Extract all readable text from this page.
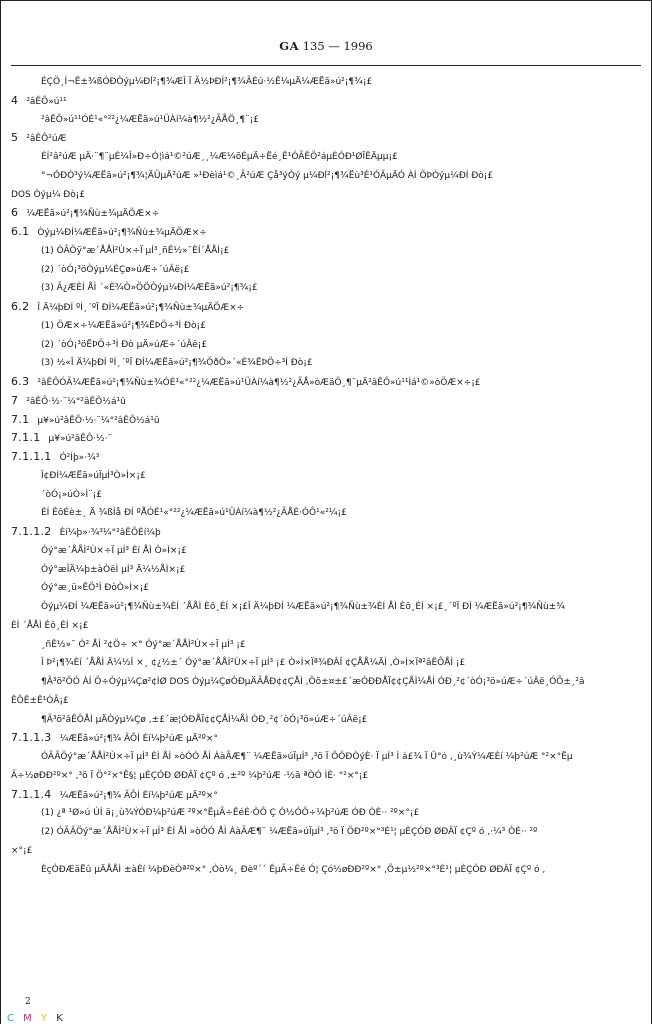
GA 135 — 1996
ÉÇÖ¸Í¬Ê±¾ßÓÐÒýµ¼Ðĺ²¡¶¾ÆÎ Ï Ã½ÞÐÍ²¡¶¾ÃÉú·½Ê¼µÄ¼ÆËã»ú²¡¶¾¡£
4 ²âÊÔ»ú¹¹
²âÊÔ»ú¹¹ÓÉ¹«°²²¿¼ÆËã»ú¹ÜÀí¼à¶½²¿ÃÅÖ¸¶¨¡£
5 ²âÊÔ²úÆ
ÉÍ²â²úÆ µÄ·¨¶¨µÈ¼Î»Ð÷Ó¦ìá¹©²úÆ¸¸¼Æ¼õÉµÄ÷Ëé¸Ê¹ÓÃÊÖ²áµÈÓÐ¹ØÏÊÄµµ¡£
°¬ÓÐÒ³ý¼ÆËã»ú²¡¶¾¦ÄÜµÄ²úÆ »¹Ðèìá¹©¸Ã²úÆ Çå³ýÒý µ¼Ðĺ²¡¶¾Ëù³É¹ÓÃµÄÓ ÀÍ ÖÞÒýµ¼ÐÍ Ðò¡£
DOS Òýµ¼ Ðò¡£
6 ¼ÆËã»ú²¡¶¾Ñù±¾µÄÖÆ×÷
6.1 Òýµ¼ÐÍ¼ÆËã»ú²¡¶¾Ñù±¾µÄÖÆ×÷
(1) ÓÃÖÿ°æ´ÅÅÌ²Ù×÷Ï µÍ³¸ñÊ½»¯ÈÍ´ÅÅÌ¡£
(2) ´òÓ¡³öÒýµ¼ÈÇø»úÆ÷´úÂë¡£
(3) Ã¿ÆÈÍ ÅÌ ´«È¾Ò»ÖÖÒýµ¼ÐÍ¼ÆËã»ú²¡¶¾¡£
6.2 Î Ä¼þÐÍ ºÍ¸´ºÏ ÐÍ¼ÆËã»ú²¡¶¾Ñù±¾µÄÖÆ×÷
(1) ÖÆ×÷¼ÆËã»ú²¡¶¾ËÞÖ÷³Ì Ðò¡£
(2) ´òÓ¡³öËÞÖ÷³Ì Ðò µÄ»úÆ÷´úÂë¡£
(3) ½«Î Ä¼þÐÍ ºÍ¸´ºÏ ÐÍ¼ÆËã»ú²¡¶¾ÖðÒ»´«È¾ËÞÖ÷³Ì Ðò¡£
6.3 ²âÊÔÓÃ¼ÆËã»ú²¡¶¾Ñù±¾ÓÉ¹«°²²¿¼ÆËã»ú¹ÜÀí¼à¶½²¿ÃÅ»òÆäÖ¸¶¨µÄ²âÊÔ»ú¹¹Ìá¹©»òÖÆ×÷¡£
7 ²âÊÔ·½·¨¼°²âÊÔ½á¹û
7.1 µ¥»ú²âÊÔ·½·¨¼°²âÊÔ½á¹û
7.1.1 µ¥»ú²âÊÔ·½·¨
7.1.1.1 Ó²Ìþ»·¾³
Î¢ÐÍ¼ÆËã»úÏµÍ³Ò»Ì×¡£
´òÓ¡»úÒ»Ì¨¡£
ÉÍ ÊôÉè±¸ Ä ¾ßÌå ÐÍ ºÅÓÉ¹«°²²¿¼ÆËã»ú¹ÜÀí¼à¶½²¿ÃÅÈ·ÒÔ¹«²¼¡£
7.1.1.2 Èí¼þ»·¾³¼°²âÊÔÈí¼þ
Óý°æ´ÅÅÌ²Ù×÷Ï µÍ³ Èí ÅÌ Ò»Ì×¡£
Óý°æÎÄ¼þ±àÒëÌ µÍ³ Ä¼½ÅÌ×¡£
Óý°æ¸ü»ÊÖ³Ì ÐòÒ»Ì×¡£
Òýµ¼ÐÍ ¼ÆËã»ú²¡¶¾Ñù±¾ÈÍ ´ÅÅÌ Èô¸ÉÍ ×¡£Î Ä¼þÐÍ ¼ÆËã»ú²¡¶¾Ñù±¾ÈÍ ÅÌ Èô¸ÉÍ ×¡£¸´ºÏ ÐÍ ¼ÆËã»ú²¡¶¾Ñù±¾
ÈÍ ´ÅÅÌ Èô¸ÉÍ ×¡£
¸ñÊ½»¯ Ó² ÅÌ ²¢Ö÷ ×° Óý°æ´ÅÅÌ²Ù×÷Ï µÍ³ ¡£
Î Þ²¡¶¾Èí ´ÅÅÌ Ä¼½Î ×¸ ¢¿½±´ Óý°æ´ÅÅÌ²Ù×÷Ï µÍ³ ¡£ Ò»Ì×Ïª¾ÐÂÎ ¢ÇÅÅ¼ÄÌ ,Ò»Ì×Ïª²âÊÔÅÌ ¡£
¶Ã³ö²ÖÓ ÀÍ Ö÷Òýµ¼Çø²¢ÌØ DOS Òýµ¼ÇøÓÐµÄÃÅÐ¢¢ÇÅÌ ,Öõ±¤±£´æÓÐÐÅÏ¢¢ÇÅÌ¼ÅÌ ÓÐ¸²¢´òÓ¡³ö»úÆ÷´úÂë¸ÓÕ±¸²â
ÊÔÊ±Ê¹ÓÃ¡£
¶Ã³ö²âÊÔÅÌ µÄÒýµ¼Çø ,±£´æ¦ÓÐÅÏ¢¢ÇÅÌ¼ÅÌ ÓÐ¸²¢´òÓ¡³ö»úÆ÷´úÂë¡£
7.1.1.3 ¼ÆËã»ú²¡¶¾ ÃÕÍ Èí¼þ²úÆ µÄ²º×°
ÓÃÃÖý°æ´ÅÅÌ²Ù×÷Ï µÍ³ ÈÍ ÅÌ »òÓÓ ÅÌ ÀàÃÆ¶¨ ¼ÆËã»úÏµÍ³ ,³ö Ï ÖÖÐÒýÈ· Ï µÍ³ Ì á£¾ Ï Û°ó ,¸ù¾Ý¼ÆÈí ¼þ²úÆ °²×°Ëµ
Ã÷½øÐÐ²º×° ,³ö Ï Ö°²×°Ê§¦ µÈÇÓÐ ØÐÂÏ ¢Çº ó ,±²º ¼þ²úÆ ·½ã ªÒÓ ÌÈ· °²×°¡£
7.1.1.4 ¼ÆËã»ú²¡¶¾ ÃÕÍ Èí¼þ²úÆ µÄ²º×°
(1) ¿ª ¹Ø»ú ÚÍ ä¡¸ù¾ÝÓÐ¼þ²úÆ ²º×°ËµÃ÷ÊéÈ·ÒÔ Ç Ó½ÓÖ÷¼þ²úÆ ÓÐ ÒÈ·· ²º×°¡£
(2) ÓÃÃÖý°æ´ÅÅÌ²Ù×÷Ï µÍ³ ÈÍ ÅÌ »òÓÓ ÅÌ ÀàÃÆ¶¨ ¼ÆËã»úÏµÍ³ ,³ö Ï ÖÐ²º×°³É¹¦ µÈÇÓÐ ØÐÂÏ ¢Çº ó ,·¼³ ÒÈ·· ²º
×°¡£
ÈçÓÐÆäËû µÄÅÅÌ ±àÈí ¼þÐèÒª²º×° ,Òò¼¸ Ðèº´´ ÊµÃ÷Êé Ó¦ Çó½øÐÐ²º×° ,Ö±µ½²º×°³É¹¦ µÈÇÓÐ ØÐÂÏ ¢Çº ó ,
2
C M Y K
